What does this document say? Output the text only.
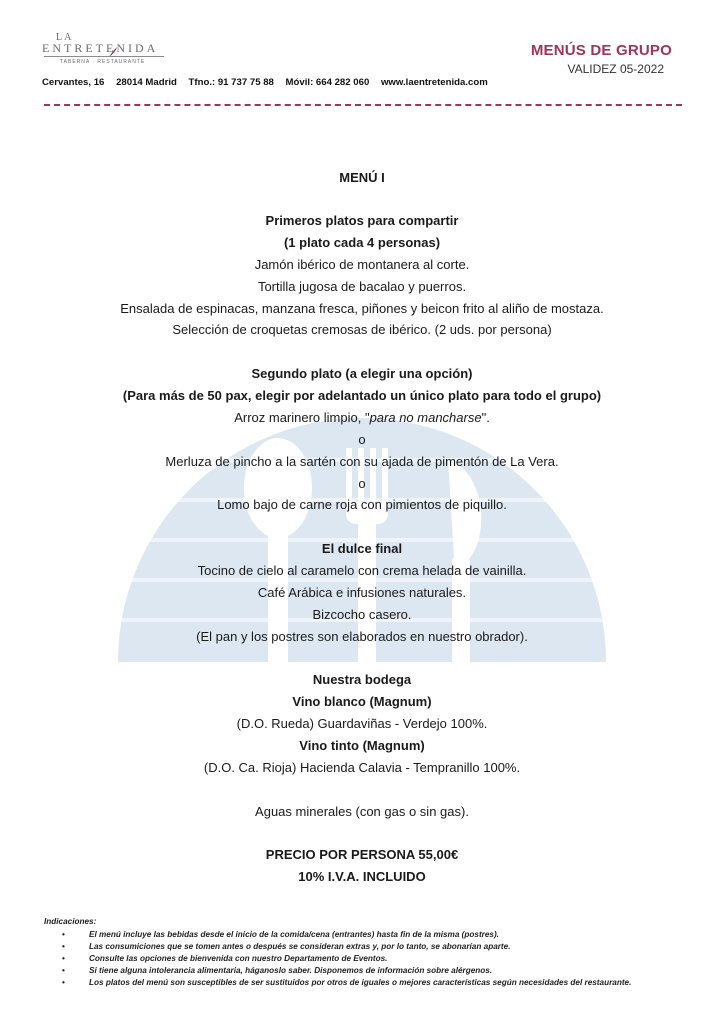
LA
ENTRETENIDA
TABERNA · RESTAURANTE
Cervantes, 16 28014 Madrid Tfno.: 91 737 75 88 Móvil: 664 282 060 www.laentretenida.com
MENÚS DE GRUPO
VALIDEZ 05-2022
MENÚ I
Primeros platos para compartir
(1 plato cada 4 personas)
Jamón ibérico de montanera al corte.
Tortilla jugosa de bacalao y puerros.
Ensalada de espinacas, manzana fresca, piñones y beicon frito al aliño de mostaza.
Selección de croquetas cremosas de ibérico. (2 uds. por persona)
Segundo plato (a elegir una opción)
(Para más de 50 pax, elegir por adelantado un único plato para todo el grupo)
Arroz marinero limpio, "para no mancharse".
o
Merluza de pincho a la sartén con su ajada de pimentón de La Vera.
o
Lomo bajo de carne roja con pimientos de piquillo.
El dulce final
Tocino de cielo al caramelo con crema helada de vainilla.
Café Arábica e infusiones naturales.
Bizcocho casero.
(El pan y los postres son elaborados en nuestro obrador).
Nuestra bodega
Vino blanco (Magnum)
(D.O. Rueda) Guardaviñas - Verdejo 100%.
Vino tinto (Magnum)
(D.O. Ca. Rioja) Hacienda Calavia - Tempranillo 100%.
Aguas minerales (con gas o sin gas).
PRECIO POR PERSONA 55,00€
10% I.V.A. INCLUIDO
Indicaciones:
• El menú incluye las bebidas desde el inicio de la comida/cena (entrantes) hasta fin de la misma (postres).
• Las consumiciones que se tomen antes o después se consideran extras y, por lo tanto, se abonarían aparte.
• Consulte las opciones de bienvenida con nuestro Departamento de Eventos.
• Si tiene alguna intolerancia alimentaria, háganoslo saber. Disponemos de información sobre alérgenos.
• Los platos del menú son susceptibles de ser sustituidos por otros de iguales o mejores características según necesidades del restaurante.
